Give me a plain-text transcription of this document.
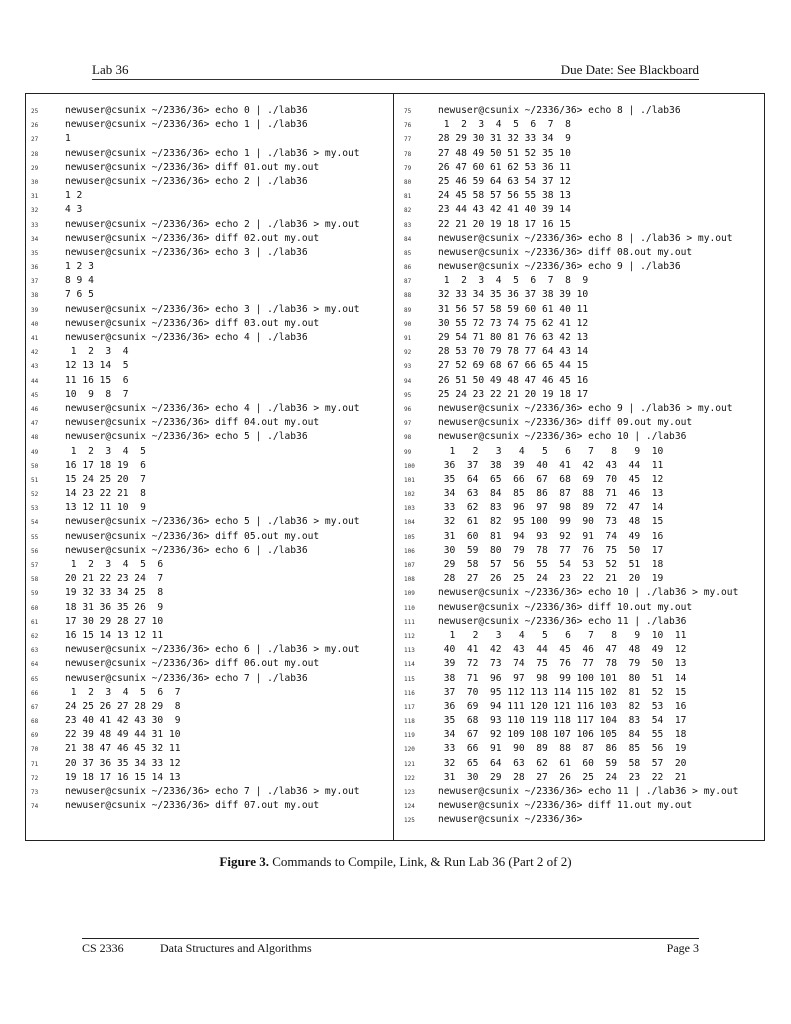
Lab 36	Due Date: See Blackboard
25	newuser@csunix ~/2336/36> echo 0 | ./lab36
26	newuser@csunix ~/2336/36> echo 1 | ./lab36
27	1
28	newuser@csunix ~/2336/36> echo 1 | ./lab36 > my.out
29	newuser@csunix ~/2336/36> diff 01.out my.out
30	newuser@csunix ~/2336/36> echo 2 | ./lab36
31	1 2
32	4 3
33	newuser@csunix ~/2336/36> echo 2 | ./lab36 > my.out
34	newuser@csunix ~/2336/36> diff 02.out my.out
35	newuser@csunix ~/2336/36> echo 3 | ./lab36
36	1 2 3
37	8 9 4
38	7 6 5
39	newuser@csunix ~/2336/36> echo 3 | ./lab36 > my.out
40	newuser@csunix ~/2336/36> diff 03.out my.out
41	newuser@csunix ~/2336/36> echo 4 | ./lab36
42	1  2  3  4
43	12 13 14  5
44	11 16 15  6
45	10  9  8  7
46	newuser@csunix ~/2336/36> echo 4 | ./lab36 > my.out
47	newuser@csunix ~/2336/36> diff 04.out my.out
48	newuser@csunix ~/2336/36> echo 5 | ./lab36
49	1  2  3  4  5
50	16 17 18 19  6
51	15 24 25 20  7
52	14 23 22 21  8
53	13 12 11 10  9
54	newuser@csunix ~/2336/36> echo 5 | ./lab36 > my.out
55	newuser@csunix ~/2336/36> diff 05.out my.out
56	newuser@csunix ~/2336/36> echo 6 | ./lab36
57	1  2  3  4  5  6
58	20 21 22 23 24  7
59	19 32 33 34 25  8
60	18 31 36 35 26  9
61	17 30 29 28 27 10
62	16 15 14 13 12 11
63	newuser@csunix ~/2336/36> echo 6 | ./lab36 > my.out
64	newuser@csunix ~/2336/36> diff 06.out my.out
65	newuser@csunix ~/2336/36> echo 7 | ./lab36
66	1  2  3  4  5  6  7
67	24 25 26 27 28 29  8
68	23 40 41 42 43 30  9
69	22 39 48 49 44 31 10
70	21 38 47 46 45 32 11
71	20 37 36 35 34 33 12
72	19 18 17 16 15 14 13
73	newuser@csunix ~/2336/36> echo 7 | ./lab36 > my.out
74	newuser@csunix ~/2336/36> diff 07.out my.out
75	newuser@csunix ~/2336/36> echo 8 | ./lab36
76	1  2  3  4  5  6  7  8
77	28 29 30 31 32 33 34  9
78	27 48 49 50 51 52 35 10
79	26 47 60 61 62 53 36 11
80	25 46 59 64 63 54 37 12
81	24 45 58 57 56 55 38 13
82	23 44 43 42 41 40 39 14
83	22 21 20 19 18 17 16 15
84	newuser@csunix ~/2336/36> echo 8 | ./lab36 > my.out
85	newuser@csunix ~/2336/36> diff 08.out my.out
86	newuser@csunix ~/2336/36> echo 9 | ./lab36
87	1  2  3  4  5  6  7  8  9
88	32 33 34 35 36 37 38 39 10
89	31 56 57 58 59 60 61 40 11
90	30 55 72 73 74 75 62 41 12
91	29 54 71 80 81 76 63 42 13
92	28 53 70 79 78 77 64 43 14
93	27 52 69 68 67 66 65 44 15
94	26 51 50 49 48 47 46 45 16
95	25 24 23 22 21 20 19 18 17
96	newuser@csunix ~/2336/36> echo 9 | ./lab36 > my.out
97	newuser@csunix ~/2336/36> diff 09.out my.out
98	newuser@csunix ~/2336/36> echo 10 | ./lab36
99	1   2   3   4   5   6   7   8   9  10
100 36  37  38  39  40  41  42  43  44  11
101 35  64  65  66  67  68  69  70  45  12
102 34  63  84  85  86  87  88  71  46  13
103 33  62  83  96  97  98  89  72  47  14
104 32  61  82  95 100  99  90  73  48  15
105 31  60  81  94  93  92  91  74  49  16
106 30  59  80  79  78  77  76  75  50  17
107 29  58  57  56  55  54  53  52  51  18
108 28  27  26  25  24  23  22  21  20  19
109 newuser@csunix ~/2336/36> echo 10 | ./lab36 > my.out
110 newuser@csunix ~/2336/36> diff 10.out my.out
111 newuser@csunix ~/2336/36> echo 11 | ./lab36
112  1   2   3   4   5   6   7   8   9  10  11
113 40  41  42  43  44  45  46  47  48  49  12
114 39  72  73  74  75  76  77  78  79  50  13
115 38  71  96  97  98  99 100 101  80  51  14
116 37  70  95 112 113 114 115 102  81  52  15
117 36  69  94 111 120 121 116 103  82  53  16
118 35  68  93 110 119 118 117 104  83  54  17
119 34  67  92 109 108 107 106 105  84  55  18
120 33  66  91  90  89  88  87  86  85  56  19
121 32  65  64  63  62  61  60  59  58  57  20
122 31  30  29  28  27  26  25  24  23  22  21
123 newuser@csunix ~/2336/36> echo 11 | ./lab36 > my.out
124 newuser@csunix ~/2336/36> diff 11.out my.out
125 newuser@csunix ~/2336/36>
Figure 3. Commands to Compile, Link, & Run Lab 36 (Part 2 of 2)
CS 2336	Data Structures and Algorithms	Page 3
